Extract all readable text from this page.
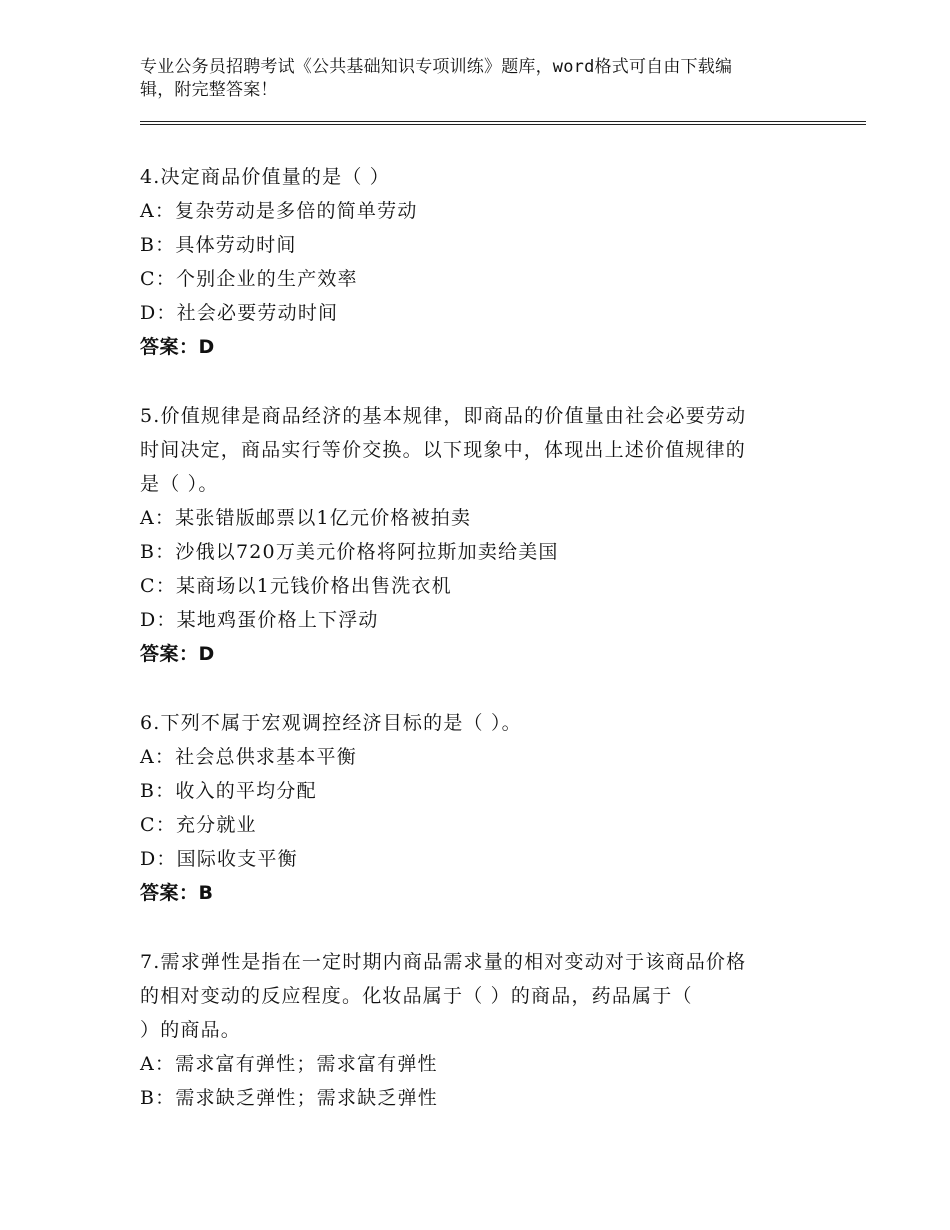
专业公务员招聘考试《公共基础知识专项训练》题库，word格式可自由下载编
辑，附完整答案！
4.决定商品价值量的是（ ）
A：复杂劳动是多倍的简单劳动
B：具体劳动时间
C：个别企业的生产效率
D：社会必要劳动时间
答案：D
5.价值规律是商品经济的基本规律，即商品的价值量由社会必要劳动
时间决定，商品实行等价交换。以下现象中，体现出上述价值规律的
是（ ）。
A：某张错版邮票以1亿元价格被拍卖
B：沙俄以720万美元价格将阿拉斯加卖给美国
C：某商场以1元钱价格出售洗衣机
D：某地鸡蛋价格上下浮动
答案：D
6.下列不属于宏观调控经济目标的是（ ）。
A：社会总供求基本平衡
B：收入的平均分配
C：充分就业
D：国际收支平衡
答案：B
7.需求弹性是指在一定时期内商品需求量的相对变动对于该商品价格
的相对变动的反应程度。化妆品属于（ ）的商品，药品属于（
）的商品。
A：需求富有弹性；需求富有弹性
B：需求缺乏弹性；需求缺乏弹性
